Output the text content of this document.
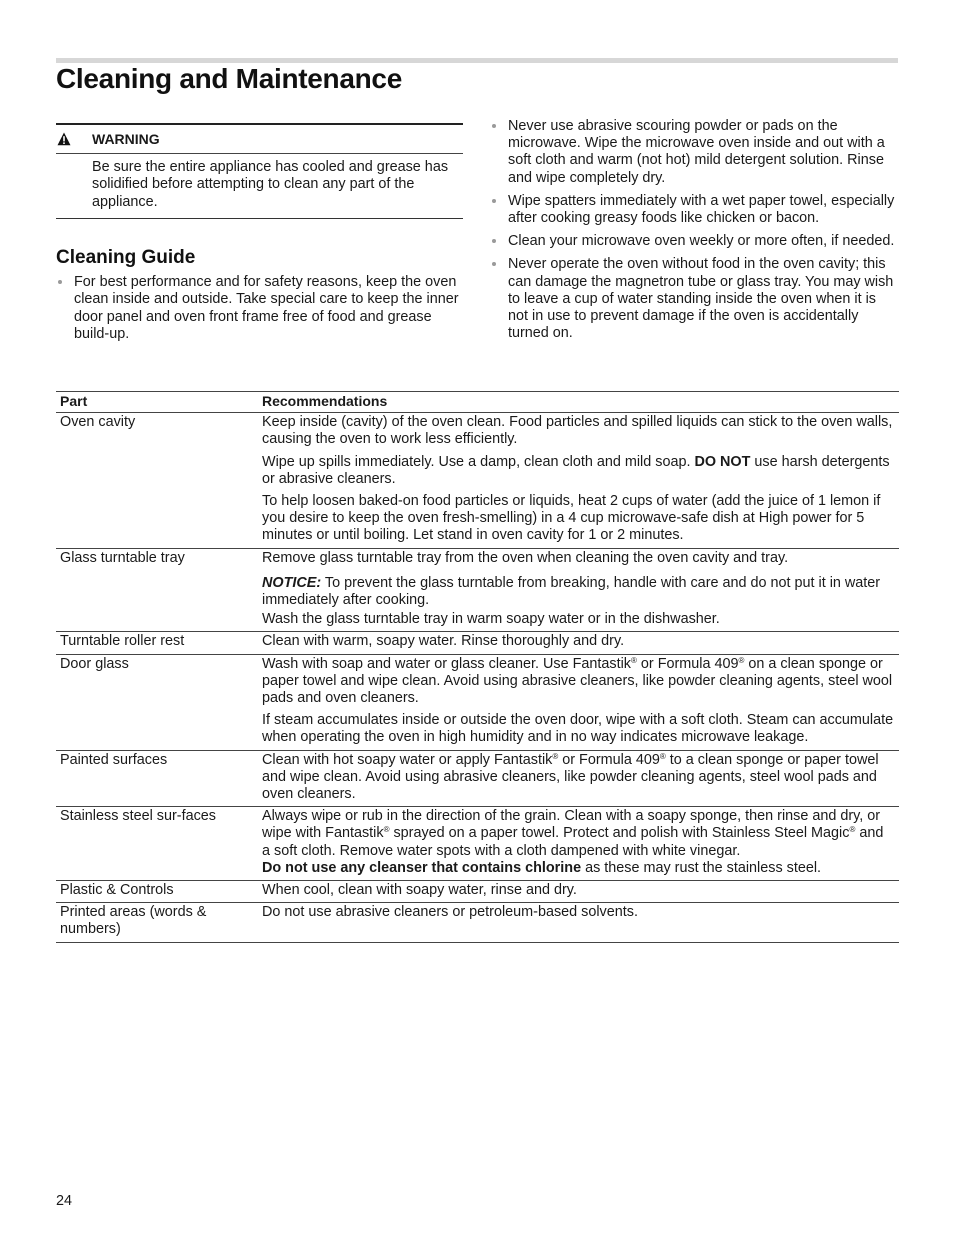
Cleaning and Maintenance
WARNING

Be sure the entire appliance has cooled and grease has solidified before attempting to clean any part of the appliance.

Cleaning Guide
For best performance and for safety reasons, keep the oven clean inside and outside. Take special care to keep the inner door panel and oven front frame free of food and grease build-up.
Never use abrasive scouring powder or pads on the microwave. Wipe the microwave oven inside and out with a soft cloth and warm (not hot) mild detergent solution. Rinse and wipe completely dry.
Wipe spatters immediately with a wet paper towel, especially after cooking greasy foods like chicken or bacon.
Clean your microwave oven weekly or more often, if needed.
Never operate the oven without food in the oven cavity; this can damage the magnetron tube or glass tray. You may wish to leave a cup of water standing inside the oven when it is not in use to prevent damage if the oven is accidentally turned on.
Part	Recommendations
Oven cavity	Keep inside (cavity) of the oven clean. Food particles and spilled liquids can stick to the oven walls, causing the oven to work less efficiently.

Wipe up spills immediately. Use a damp, clean cloth and mild soap. DO NOT use harsh detergents or abrasive cleaners.

To help loosen baked-on food particles or liquids, heat 2 cups of water (add the juice of 1 lemon if you desire to keep the oven fresh-smelling) in a 4 cup microwave-safe dish at High power for 5 minutes or until boiling. Let stand in oven cavity for 1 or 2 minutes.

Glass turntable tray	Remove glass turntable tray from the oven when cleaning the oven cavity and tray.

NOTICE: To prevent the glass turntable from breaking, handle with care and do not put it in water immediately after cooking.

Wash the glass turntable tray in warm soapy water or in the dishwasher.

Turntable roller rest	Clean with warm, soapy water. Rinse thoroughly and dry.

Door glass	Wash with soap and water or glass cleaner. Use Fantastik® or Formula 409® on a clean sponge or paper towel and wipe clean. Avoid using abrasive cleaners, like powder cleaning agents, steel wool pads and oven cleaners.

If steam accumulates inside or outside the oven door, wipe with a soft cloth. Steam can accumulate when operating the oven in high humidity and in no way indicates microwave leakage.

Painted surfaces	Clean with hot soapy water or apply Fantastik® or Formula 409® to a clean sponge or paper towel and wipe clean. Avoid using abrasive cleaners, like powder cleaning agents, steel wool pads and oven cleaners.

Stainless steel sur-faces	Always wipe or rub in the direction of the grain. Clean with a soapy sponge, then rinse and dry, or wipe with Fantastik® sprayed on a paper towel. Protect and polish with Stainless Steel Magic® and a soft cloth. Remove water spots with a cloth dampened with white vinegar.
Do not use any cleanser that contains chlorine as these may rust the stainless steel.

Plastic & Controls	When cool, clean with soapy water, rinse and dry.

Printed areas (words & numbers)	Do not use abrasive cleaners or petroleum-based solvents.

24
